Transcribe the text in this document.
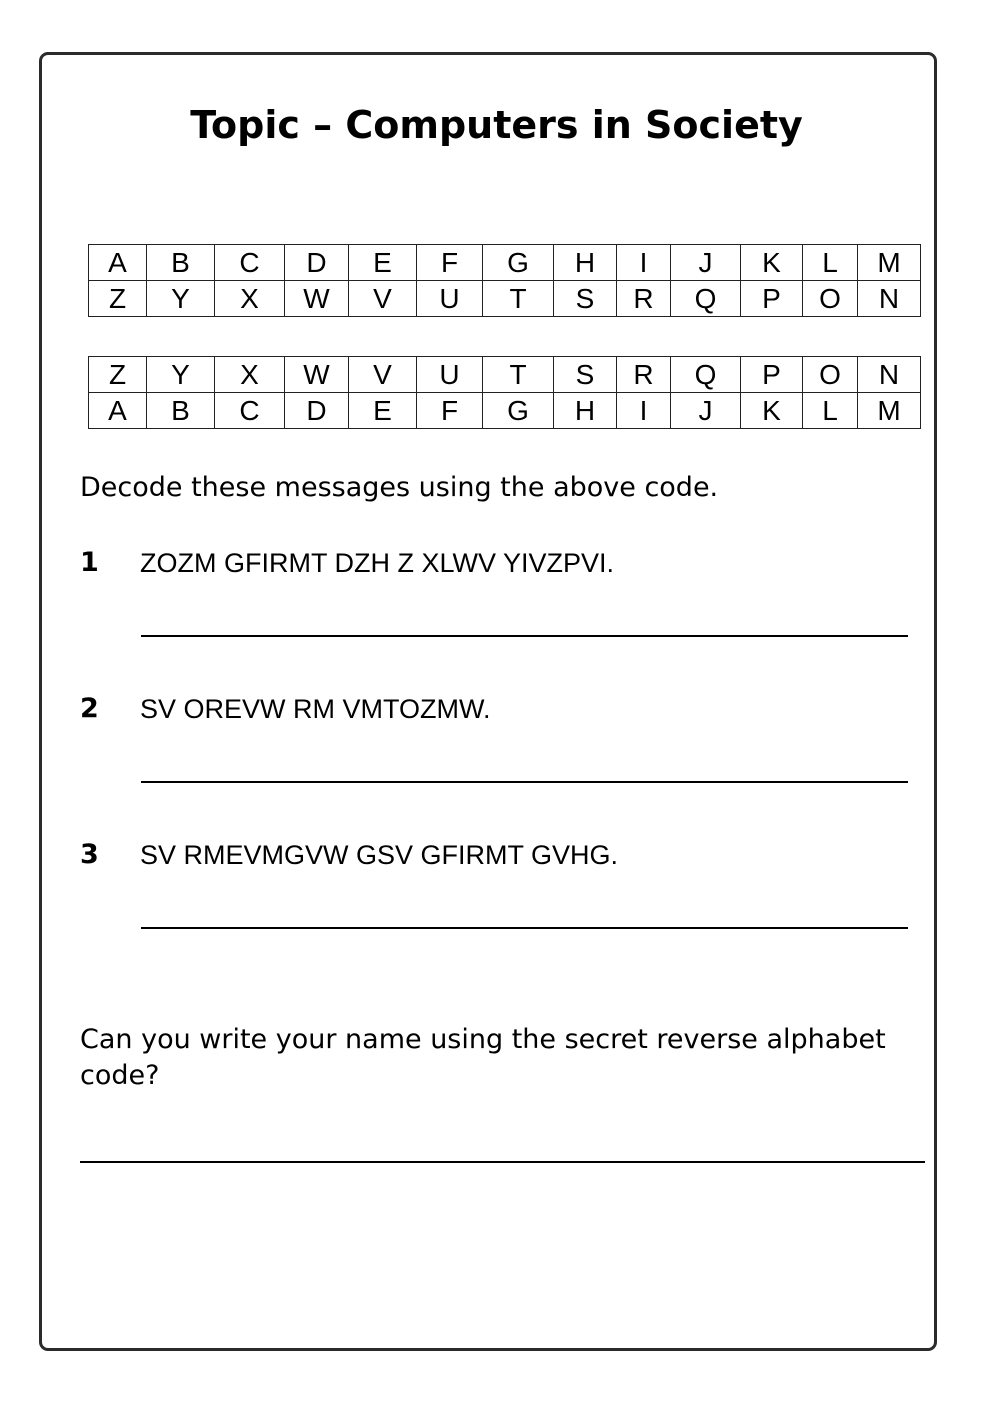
Topic – Computers in Society
A	B	C	D	E	F	G	H	I	J	K	L	M
Z	Y	X	W	V	U	T	S	R	Q	P	O	N
Z	Y	X	W	V	U	T	S	R	Q	P	O	N
A	B	C	D	E	F	G	H	I	J	K	L	M

Decode these messages using the above code.

1 ZOZM GFIRMT DZH Z XLWV YIVZPVI.
2 SV OREVW RM VMTOZMW.
3 SV RMEVMGVW GSV GFIRMT GVHG.

Can you write your name using the secret reverse alphabet code?
